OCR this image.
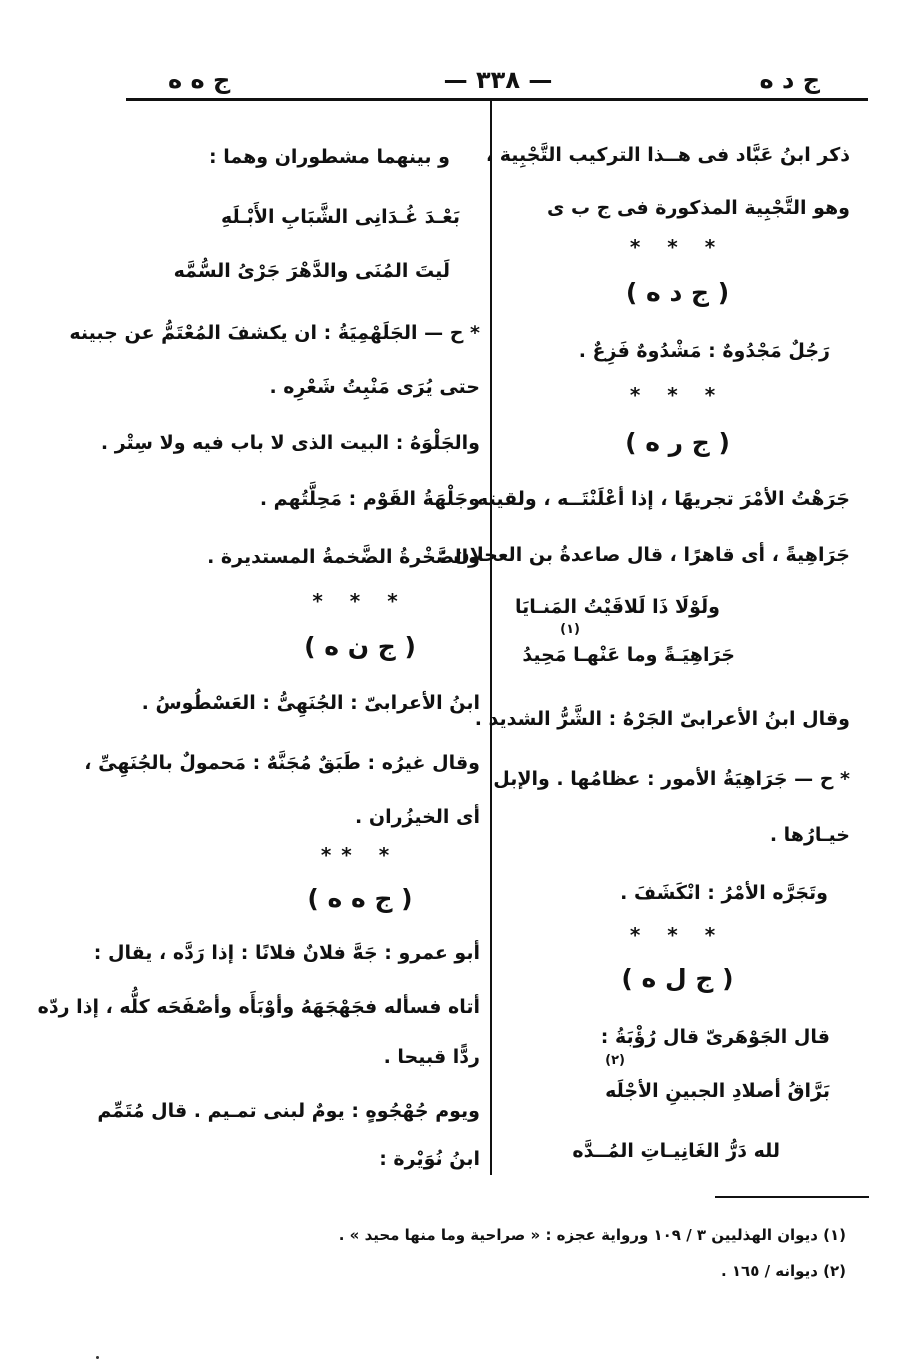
ج د ه
— ٣٣٨ —
ج ه ه
ذكر ابنُ عَبَّاد فى هــذا التركيب التَّجْبِية ،
وهو التَّجْبِية المذكورة فى ج ب ى
* * *
( ج د ه )
رَجُلٌ مَجْدُوهٌ : مَشْدُوهٌ فَزِعٌ .
* * *
( ج ر ه )
جَرَهْتُ الأمْرَ تجريهًا ، إذا أعْلَنْتَــه ، ولقيته
جَرَاهِيةً ، أى قاهرًا ، قال صاعدةُ بن العجلان :
ولَوْلَا ذَا لَلاقَيْتُ المَنـايَا
(١)
جَرَاهِيَـةً وما عَنْهـا مَحِيدُ
وقال ابنُ الأعرابىّ الجَرْهُ : الشَّرُّ الشديد .
* ح — جَرَاهِيَةُ الأمور : عظامُها . والإبل
خيـارُها .
وتَجَرَّه الأمْرُ : انْكَشَفَ .
* * *
( ج ل ه )
قال الجَوْهَرىّ قال رُؤْبَةُ :
(٢)
بَرَّاقُ أصلادِ الجبينِ الأجْلَه
لله دَرُّ الغَانِيـاتِ المُــدَّه
و بينهما مشطوران وهما :
بَعْـدَ غُـدَانِى الشَّبَابِ الأَبْـلَهِ
لَيتَ المُنَى والدَّهْرَ جَرْىُ السُّمَّه
* ح — الجَلَهْمِيَةُ : ان يكشفَ المُعْتَمُّ عن جبينه
حتى يُرَى مَنْبِتُ شَعْرِه .
والجَلْوَهُ : البيت الذى لا باب فيه ولا سِتْر .
وجَلْهَةُ القَوْم : مَحِلَّتُهم .
والصَّخْرةُ الضَّخمةُ المستديرة .
* * *
( ج ن ه )
ابنُ الأعرابىّ : الجُنَهِىُّ : العَسْطُوسُ .
وقال غيرُه : طَبَقٌ مُجَنَّهٌ : مَحمولٌ بالجُنَهِىِّ ،
أى الخيزُران .
* **
( ج ه ه )
أبو عمرو : جَهَّ فلانٌ فلانًا : إذا رَدَّه ، يقال :
أتاه فسأله فجَهْجَهَهُ وأوْبَأَه وأصْفَحَه كلُّه ، إذا ردّه
ردًّا قبيحا .
ويوم جُهْجُوهٍ : يومٌ لبنى تمـيم . قال مُتَمِّم
ابنُ نُوَيْرة :
(١) ديوان الهذليين ٣ / ١٠٩ ورواية عجزه : « صراحية وما منها محيد » .
(٢) ديوانه / ١٦٥ .
